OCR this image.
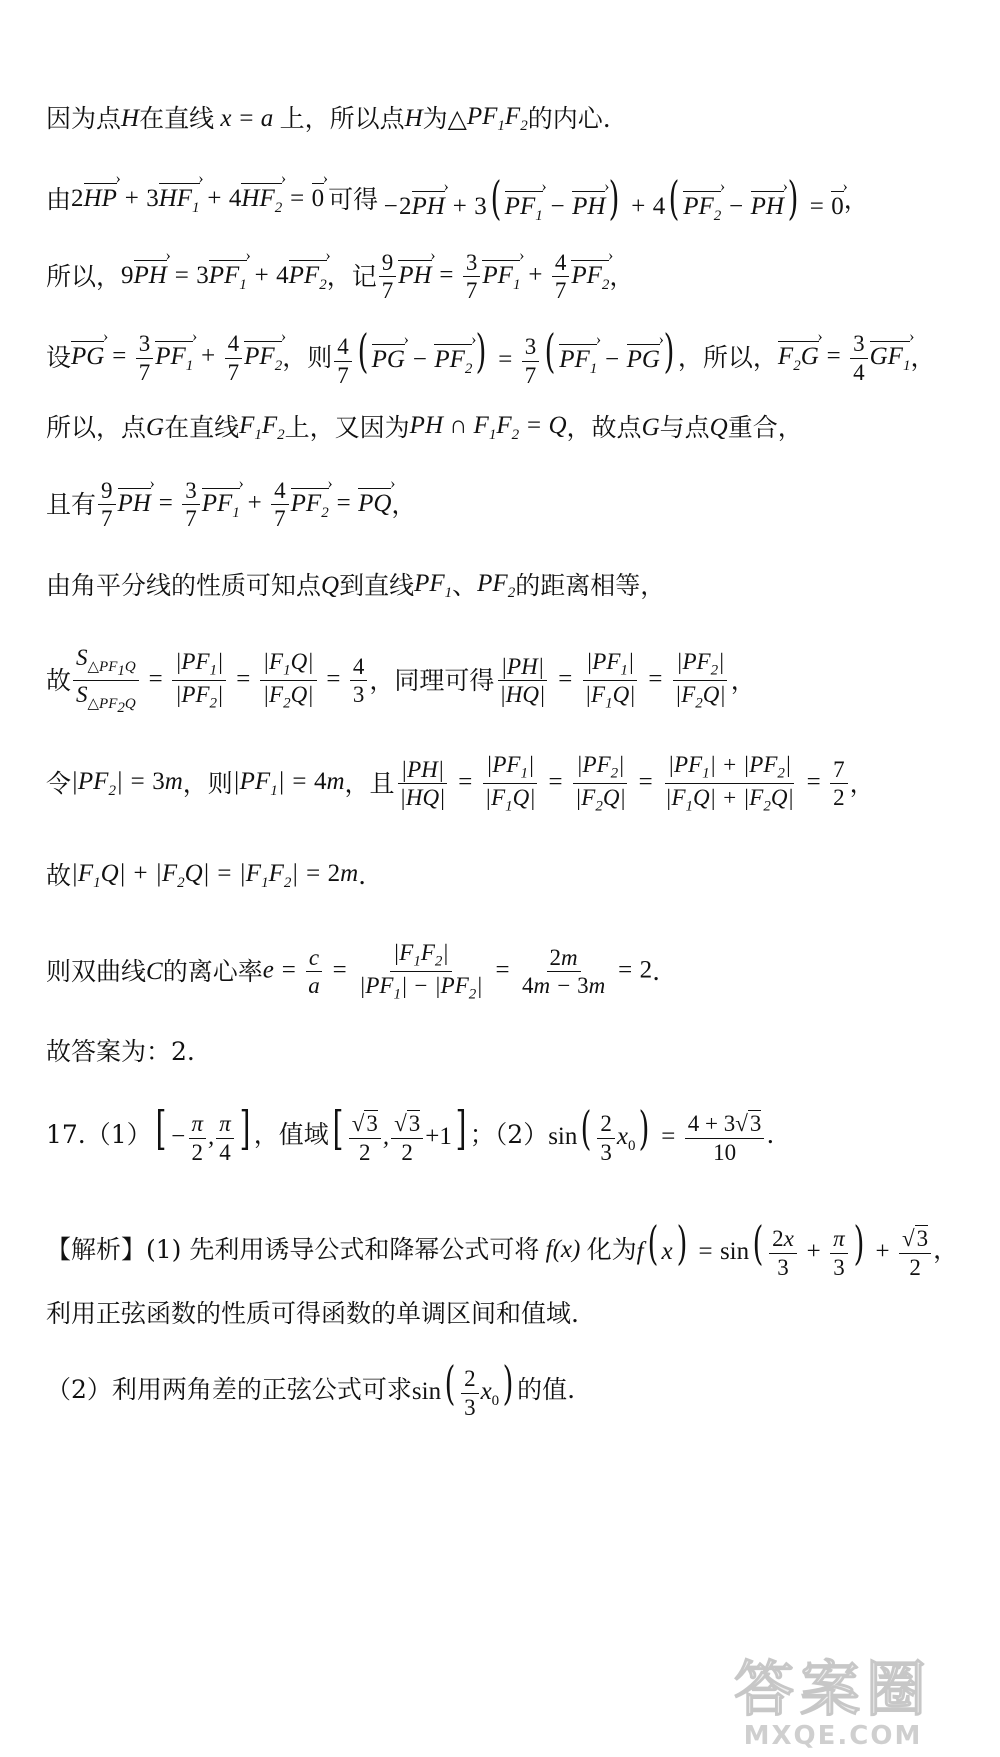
因为点 H 在直线 x = a 上，所以点 H 为△ $PF_1F_2$ 的内心.
由 2HP › + $3HF_1$ › + $4HF_2$ › = 0 › 可得 −2PH › + 3( $PF_1$ › − PH ›) + 4( $PF_2$ › − PH ›) = 0 › ，
所以， 9PH › = $3PF_1$ › + $4PF_2$ › ，记 $\frac{9}{7}$ PH › = $\frac{3}{7} PF_1$ › + $\frac{4}{7} PF_2$ › ，
设 PG › = $\frac{3}{7} PF_1$ › + $\frac{4}{7} PF_2$ › ，则 $\frac{4}{7}$ ( PG › − $PF_2$ ›) = $\frac{3}{7}$ ( $PF_1$ › − PG ›) ，所以， $F_2G$ › = $\frac{3}{4} GF_1$ › ，
所以，点 G 在直线 $F_1F_2$ 上，又因为 PH ∩ $F_1F_2 = Q$ ，故点 G 与点 Q 重合，
且有 $\frac{9}{7}$ PH › = $\frac{3}{7} PF_1$ › + $\frac{4}{7} PF_2$ › = PQ › ，
由角平分线的性质可知点 Q 到直线 $PF_1$ 、 $PF_2$ 的距离相等，
故 $\frac{S_{\triangle PF_1Q}}{S_{\triangle PF_2Q}} = \frac{|PF_1|}{|PF_2|} = \frac{|F_1Q|}{|F_2Q|} = \frac{4}{3}$ ，同理可得 $\frac{|PH|}{|HQ|} = \frac{|PF_1|}{|F_1Q|} = \frac{|PF_2|}{|F_2Q|}$ ，
令 $|PF_2| = 3m$ ，则 $|PF_1| = 4m$ ，且 $\frac{|PH|}{|HQ|} = \frac{|PF_1|}{|F_1Q|} = \frac{|PF_2|}{|F_2Q|} = \frac{|PF_1| + |PF_2|}{|F_1Q| + |F_2Q|} = \frac{7}{2}$ ，
故 $|F_1Q| + |F_2Q| = |F_1F_2| = 2m$ .
则双曲线 C 的离心率 $e = \frac{c}{a} = \frac{|F_1F_2|}{|PF_1| - |PF_2|} = \frac{2m}{4m - 3m} = 2$ .
故答案为：2.
17.（1） [ − $\frac{\pi}{2}$ , $\frac{\pi}{4}$ ] ，值域 [ $\frac{√3}{2}$ , $\frac{√3}{2} +1$] ；（2） $\sin( \frac{2}{3} x_0) = \frac{4 + 3√3}{10}$ .
【解析】(1) 先利用诱导公式和降幂公式可将 f(x) 化为 f( $x) = \sin( \frac{2x}{3} + \frac{\pi}{3}$ ) + $\frac{√3}{2}$ ，
利用正弦函数的性质可得函数的单调区间和值域.
（2）利用两角差的正弦公式可求 $\sin( \frac{2}{3} x_0)$ 的值.
答案圈
MXQE.COM
